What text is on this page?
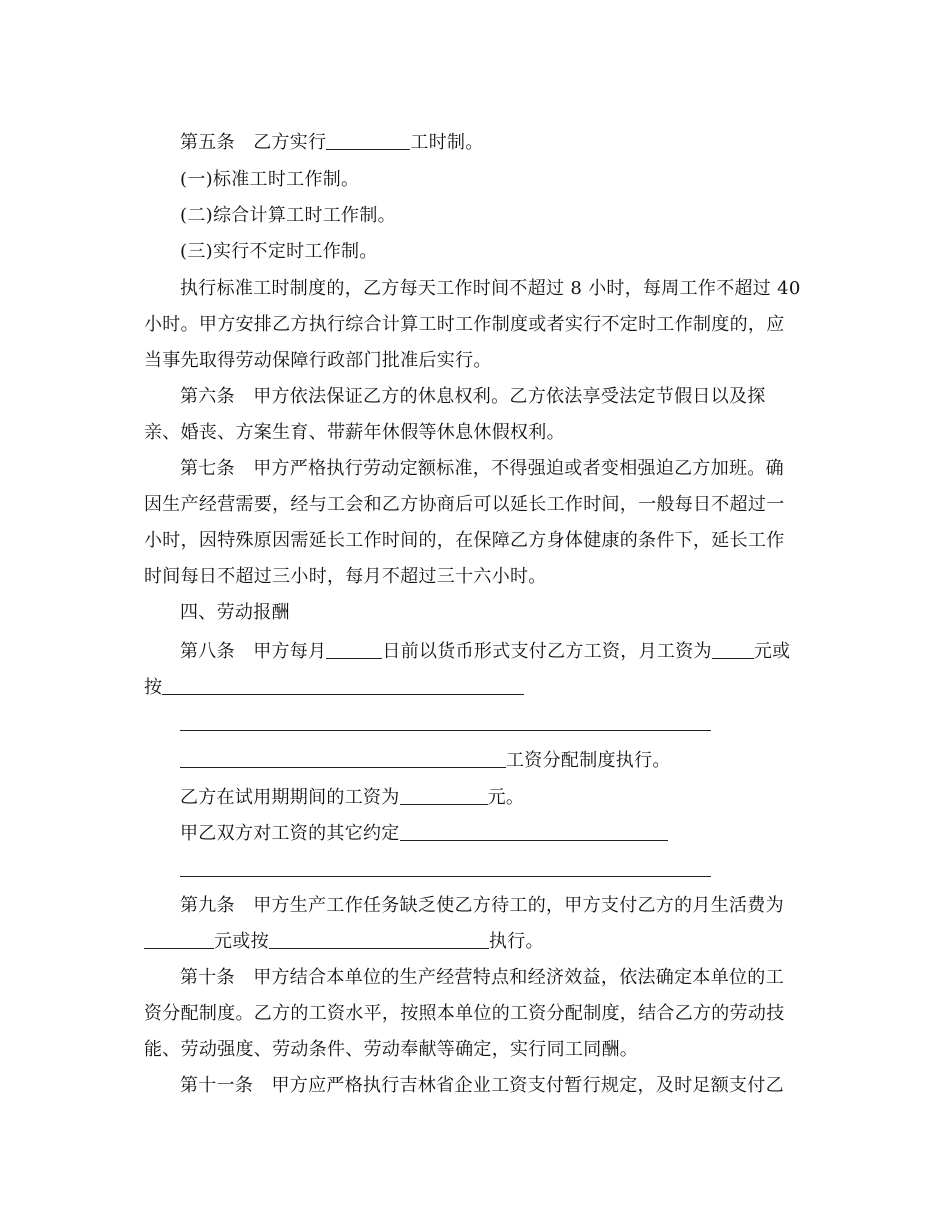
第五条　乙方实行	工时制。
(一)标准工时工作制。
(二)综合计算工时工作制。
(三)实行不定时工作制。
执行标准工时制度的，乙方每天工作时间不超过 8 小时，每周工作不超过 40
小时。甲方安排乙方执行综合计算工时工作制度或者实行不定时工作制度的，应
当事先取得劳动保障行政部门批准后实行。
第六条　甲方依法保证乙方的休息权利。乙方依法享受法定节假日以及探
亲、婚丧、方案生育、带薪年休假等休息休假权利。
第七条　甲方严格执行劳动定额标准，不得强迫或者变相强迫乙方加班。确
因生产经营需要，经与工会和乙方协商后可以延长工作时间，一般每日不超过一
小时，因特殊原因需延长工作时间的，在保障乙方身体健康的条件下，延长工作
时间每日不超过三小时，每月不超过三十六小时。
四、劳动报酬
第八条　甲方每月	日前以货币形式支付乙方工资，月工资为 元或
按
工资分配制度执行。
乙方在试用期期间的工资为	元。
甲乙双方对工资的其它约定
第九条　甲方生产工作任务缺乏使乙方待工的，甲方支付乙方的月生活费为
元或按	执行。
第十条　甲方结合本单位的生产经营特点和经济效益，依法确定本单位的工
资分配制度。乙方的工资水平，按照本单位的工资分配制度，结合乙方的劳动技
能、劳动强度、劳动条件、劳动奉献等确定，实行同工同酬。
第十一条　甲方应严格执行吉林省企业工资支付暂行规定，及时足额支付乙
